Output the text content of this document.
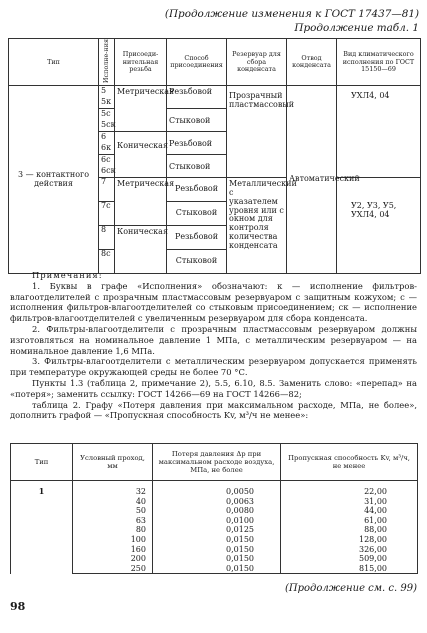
(Продолжение изменения к ГОСТ 17437—81)
Продолжение табл. 1
Тип	Исполне-ния	Присоеди-нительная резьба	Способ присоединения	Резервуар для сбора конденсата	Отвод конденсата	Вид климатического исполнения по ГОСТ 15150—69
3 — контактного действия	5	Метрическая	Резьбовой	Прозрачный пластмассовый	Автоматический	УХЛ4, 04
	5к					
	5с		Стыковой			
	5ск					
	6	Коническая	Резьбовой			
	6к					
	6с		Стыковой			
	6ск					
	7	Метрическая	Резьбовой	Металлический с указателем уровня или с окном для контроля количества конденсата		У2, У3, У5, УХЛ4, 04
	7с		Стыковой			
	8	Коническая	Резьбовой			
	8с		Стыковой			

Примечания:

1. Буквы в графе «Исполнения» обозначают: к — исполнение фильтров-влагоотделителей с прозрачным пластмассовым резервуаром с защитным кожухом; с — исполнения фильтров-влагоотделителей со стыковым присоединением; ск — исполнение фильтров-влагоотделителей с увеличенным резервуаром для сбора конденсата.

2. Фильтры-влагоотделители с прозрачным пластмассовым резервуаром должны изготовляться на номинальное давление 1 МПа, с металлическим резервуаром — на номинальное давление 1,6 МПа.

3. Фильтры-влагоотделители с металлическим резервуаром допускается применять при температуре окружающей среды не более 70 °С.

Пункты 1.3 (таблица 2, примечание 2), 5.5, 6.10, 8.5. Заменить слово: «перепад» на «потеря»; заменить ссылку: ГОСТ 14266—69 на ГОСТ 14266—82;

таблица 2. Графу «Потеря давления при максимальном расходе, МПа, не более», дополнить графой — «Пропускная способность Kv, м³/ч не менее»:

Тип	Условный проход, мм	Потеря давления Δp при максимальном расходе воздуха, МПа, не более	Пропускная способность Kv, м³/ч, не менее
1	32	0,0050	22,00
	40	0,0063	31,00
	50	0,0080	44,00
	63	0,0100	61,00
	80	0,0125	88,00
	100	0,0150	128,00
	160	0,0150	326,00
	200	0,0150	509,00
	250	0,0150	815,00
98
(Продолжение см. с. 99)
